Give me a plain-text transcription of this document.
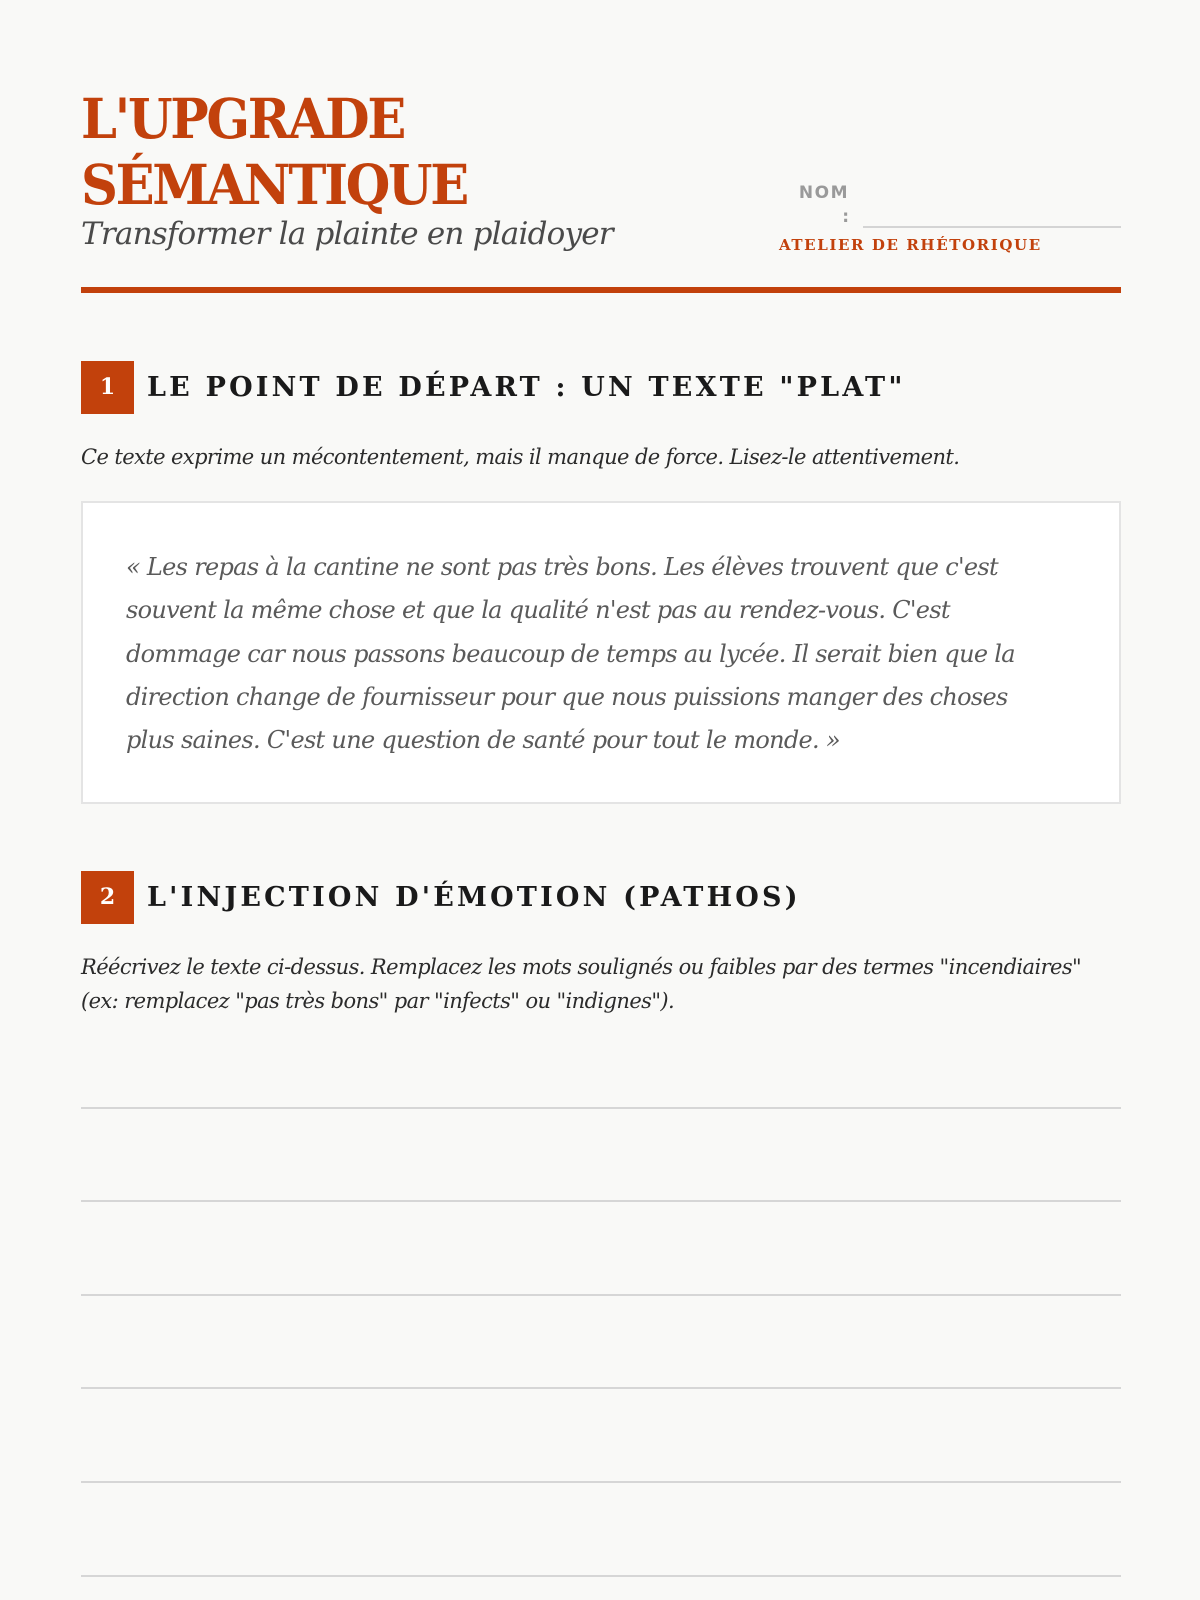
L'UPGRADE
SÉMANTIQUE
Transformer la plainte en plaidoyer
NOM
:
ATELIER DE RHÉTORIQUE
1	LE POINT DE DÉPART : UN TEXTE "PLAT"
Ce texte exprime un mécontentement, mais il manque de force. Lisez-le attentivement.
« Les repas à la cantine ne sont pas très bons. Les élèves trouvent que c'est souvent la même chose et que la qualité n'est pas au rendez-vous. C'est dommage car nous passons beaucoup de temps au lycée. Il serait bien que la direction change de fournisseur pour que nous puissions manger des choses plus saines. C'est une question de santé pour tout le monde. »
2	L'INJECTION D'ÉMOTION (PATHOS)
Réécrivez le texte ci-dessus. Remplacez les mots soulignés ou faibles par des termes "incendiaires" (ex: remplacez "pas très bons" par "infects" ou "indignes").
